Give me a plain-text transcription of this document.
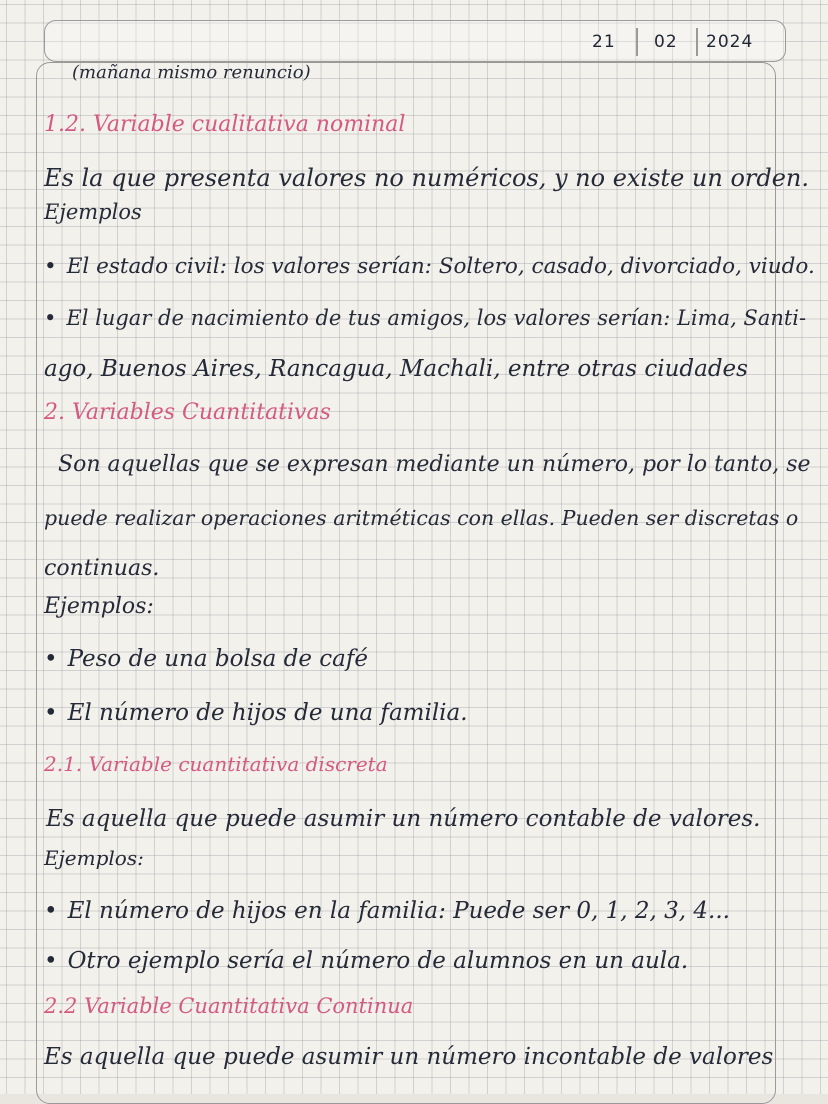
21 02 2024
(mañana mismo renuncio)
1.2. Variable cualitativa nominal
Es la que presenta valores no numéricos, y no existe un orden.
Ejemplos
• El estado civil: los valores serían: Soltero, casado, divorciado, viudo.
• El lugar de nacimiento de tus amigos, los valores serían: Lima, Santi-
ago, Buenos Aires, Rancagua, Machali, entre otras ciudades
2. Variables Cuantitativas
Son aquellas que se expresan mediante un número, por lo tanto, se
puede realizar operaciones aritméticas con ellas. Pueden ser discretas o
continuas.
Ejemplos:
• Peso de una bolsa de café
• El número de hijos de una familia.
2.1. Variable cuantitativa discreta
Es aquella que puede asumir un número contable de valores.
Ejemplos:
• El número de hijos en la familia: Puede ser 0, 1, 2, 3, 4...
• Otro ejemplo sería el número de alumnos en un aula.
2.2 Variable Cuantitativa Continua
Es aquella que puede asumir un número incontable de valores
